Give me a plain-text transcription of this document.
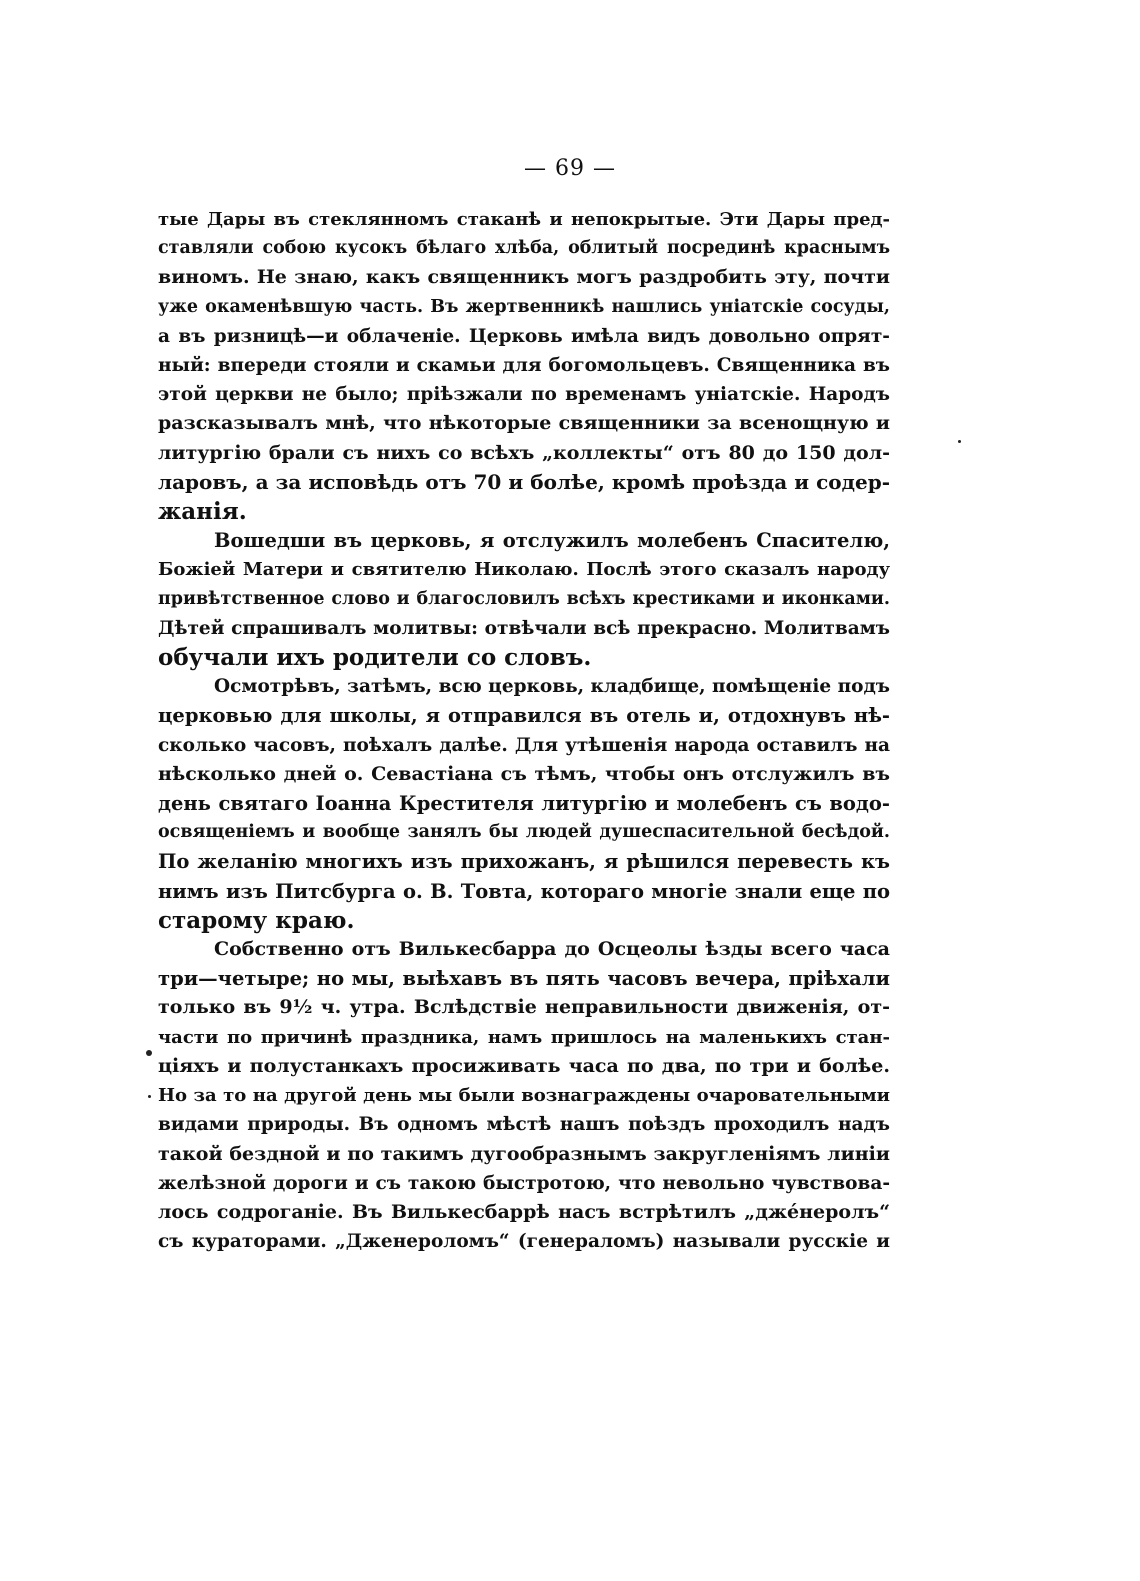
— 69 —
тые Дары въ стеклянномъ стаканѣ и непокрытые. Эти Дары пред-
ставляли собою кусокъ бѣлаго хлѣба, облитый посрединѣ краснымъ
виномъ. Не знаю, какъ священникъ могъ раздробить эту, почти
уже окаменѣвшую часть. Въ жертвенникѣ нашлись уніатскіе сосуды,
а въ ризницѣ—и облаченіе. Церковь имѣла видъ довольно опрят-
ный: впереди стояли и скамьи для богомольцевъ. Священника въ
этой церкви не было; пріѣзжали по временамъ уніатскіе. Народъ
разсказывалъ мнѣ, что нѣкоторые священники за всенощную и
литургію брали съ нихъ со всѣхъ „коллекты“ отъ 80 до 150 дол-
ларовъ, а за исповѣдь отъ 70 и болѣе, кромѣ проѣзда и содер-
жанія.
Вошедши въ церковь, я отслужилъ молебенъ Спасителю,
Божіей Матери и святителю Николаю. Послѣ этого сказалъ народу
привѣтственное слово и благословилъ всѣхъ крестиками и иконками.
Дѣтей спрашивалъ молитвы: отвѣчали всѣ прекрасно. Молитвамъ
обучали ихъ родители со словъ.
Осмотрѣвъ, затѣмъ, всю церковь, кладбище, помѣщеніе подъ
церковью для школы, я отправился въ отель и, отдохнувъ нѣ-
сколько часовъ, поѣхалъ далѣе. Для утѣшенія народа оставилъ на
нѣсколько дней о. Севастіана съ тѣмъ, чтобы онъ отслужилъ въ
день святаго Іоанна Крестителя литургію и молебенъ съ водо-
освященіемъ и вообще занялъ бы людей душеспасительной бесѣдой.
По желанію многихъ изъ прихожанъ, я рѣшился перевесть къ
нимъ изъ Питсбурга о. В. Товта, котораго многіе знали еще по
старому краю.
Собственно отъ Вилькесбарра до Осцеолы ѣзды всего часа
три—четыре; но мы, выѣхавъ въ пять часовъ вечера, пріѣхали
только въ 9½ ч. утра. Вслѣдствіе неправильности движенія, от-
части по причинѣ праздника, намъ пришлось на маленькихъ стан-
ціяхъ и полустанкахъ просиживать часа по два, по три и болѣе.
Но за то на другой день мы были вознаграждены очаровательными
видами природы. Въ одномъ мѣстѣ нашъ поѣздъ проходилъ надъ
такой бездной и по такимъ дугообразнымъ закругленіямъ линіи
желѣзной дороги и съ такою быстротою, что невольно чувствова-
лось содроганіе. Въ Вилькесбаррѣ насъ встрѣтилъ „джéнеролъ“
съ кураторами. „Дженероломъ“ (генераломъ) называли русскіе и
